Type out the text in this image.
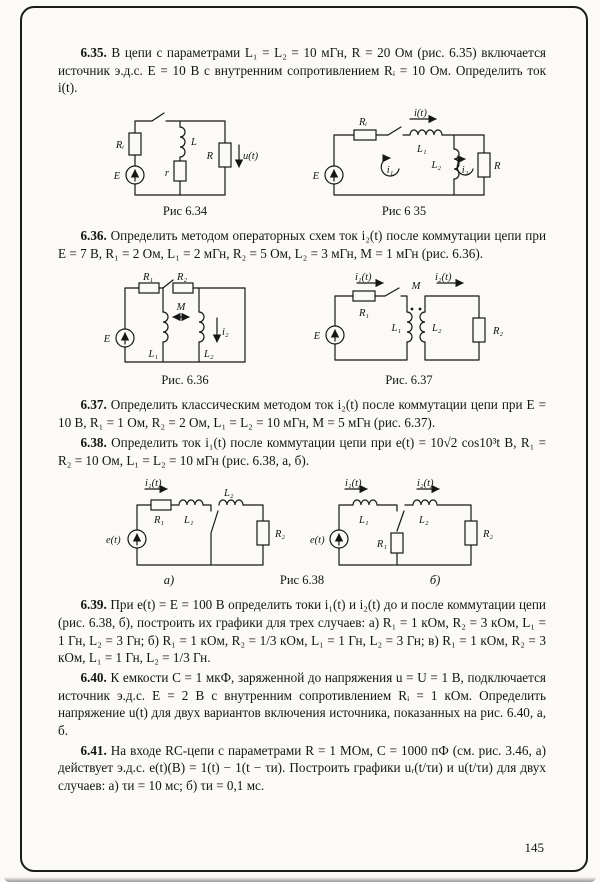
6.35. В цепи с параметрами L₁ = L₂ = 10 мГн, R = 20 Ом (рис. 6.35) включается источник э.д.с. E = 10 В с внутренним сопротивлением Rᵢ = 10 Ом. Определить ток i(t).

E
Rᵢ	L
r
R	u(t)
Рис 6.34
E
Rᵢ
i(t)
L₁
L₂
i₁	i₂ R
Рис 6 35

6.36. Определить методом операторных схем ток i₂(t) после коммутации цепи при E = 7 В, R₁ = 2 Ом, L₁ = 2 мГн, R₂ = 5 Ом, L₂ = 3 мГн, M = 1 мГн (рис. 6.36).

E
R₁ R₂
M
L₁	L₂
i₂
Рис. 6.36
E
R₁
i₁(t)	i₂(t)
M
L₁	L₂	R₂
Рис. 6.37

6.37. Определить классическим методом ток i₂(t) после коммутации цепи при E = 10 В, R₁ = 1 Ом, R₂ = 2 Ом, L₁ = L₂ = 10 мГн, M = 5 мГн (рис. 6.37).

6.38. Определить ток i₁(t) после коммутации цепи при e(t) = 10√2 cos10³t В, R₁ = R₂ = 10 Ом, L₁ = L₂ = 10 мГн (рис. 6.38, а, б).

e(t)
i₁(t)
R₁ L₁
L₂
R₂
e(t)
i₁(t)	i₂(t)
L₁
R₁
L₂
R₂
а)	Рис 6.38	б)

6.39. При e(t) = E = 100 В определить токи i₁(t) и i₂(t) до и после коммутации цепи (рис. 6.38, б), построить их графики для трех случаев: а) R₁ = 1 кОм, R₂ = 3 кОм, L₁ = 1 Гн, L₂ = 3 Гн; б) R₁ = 1 кОм, R₂ = 1/3 кОм, L₁ = 1 Гн, L₂ = 3 Гн; в) R₁ = 1 кОм, R₂ = 3 кОм, L₁ = 1 Гн, L₂ = 1/3 Гн.

6.40. К емкости C = 1 мкФ, заряженной до напряжения u = U = 1 В, подключается источник э.д.с. E = 2 В с внутренним сопротивлением Rᵢ = 1 кОм. Определить напряжение u(t) для двух вариантов включения источника, показанных на рис. 6.40, а, б.

6.41. На входе RC-цепи с параметрами R = 1 МОм, C = 1000 пФ (см. рис. 3.46, а) действует э.д.с. e(t)(В) = 1(t) − 1(t − τи). Построить графики uᵣ(t/τи) и u(t/τи) для двух случаев: а) τи = 10 мс; б) τи = 0,1 мс.

145
